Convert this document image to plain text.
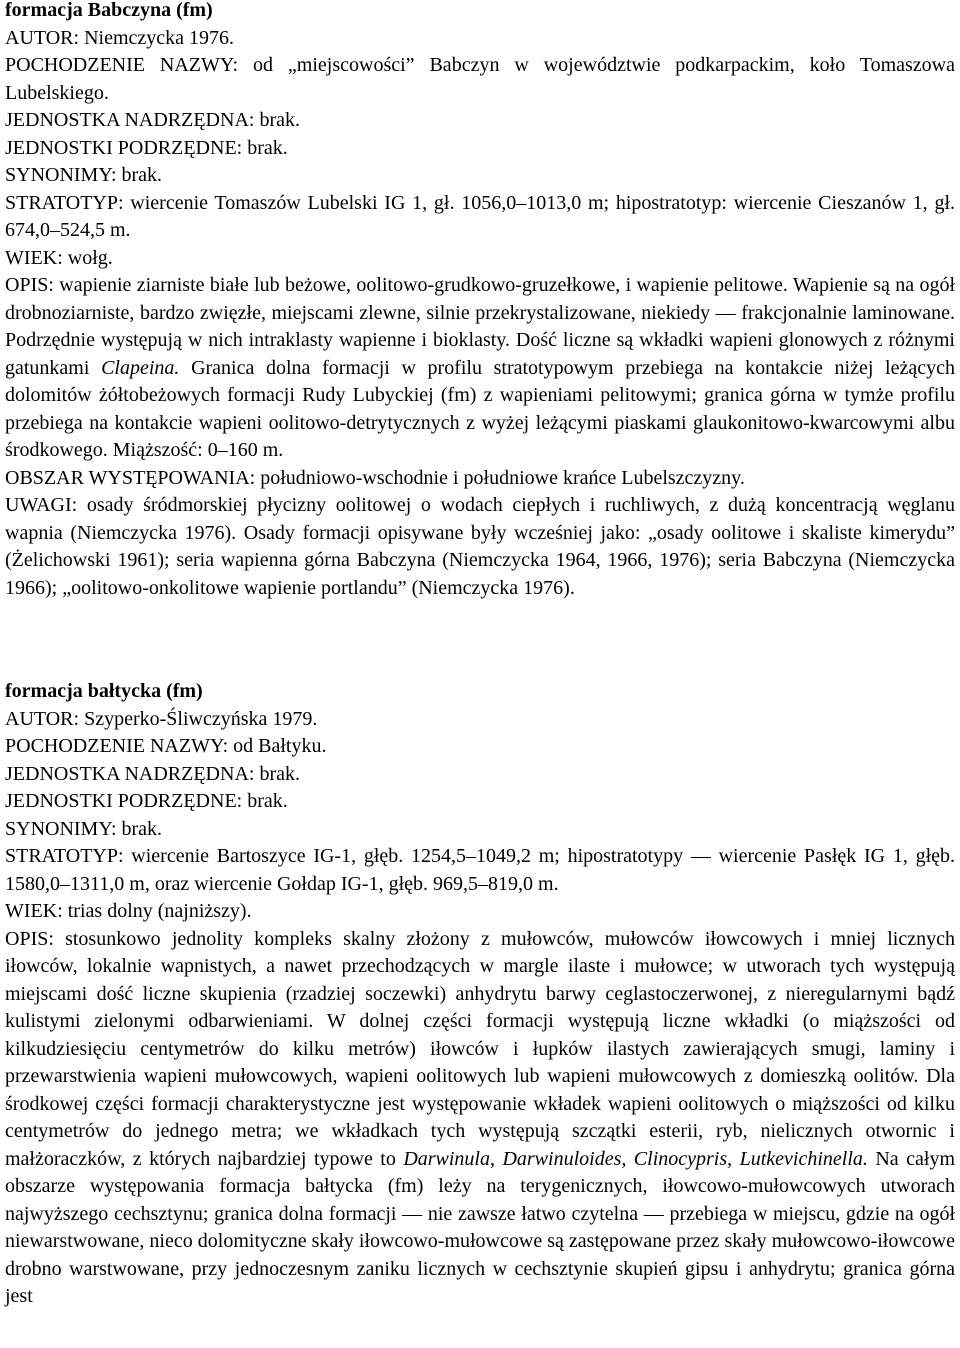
formacja Babczyna (fm)

AUTOR: Niemczycka 1976.

POCHODZENIE NAZWY: od „miejscowości” Babczyn w województwie podkarpackim, koło Tomaszowa Lubelskiego.

JEDNOSTKA NADRZĘDNA: brak.

JEDNOSTKI PODRZĘDNE: brak.

SYNONIMY: brak.

STRATOTYP: wiercenie Tomaszów Lubelski IG 1, gł. 1056,0–1013,0 m; hipostratotyp: wiercenie Cieszanów 1, gł. 674,0–524,5 m.

WIEK: wołg.

OPIS: wapienie ziarniste białe lub beżowe, oolitowo-grudkowo-gruzełkowe, i wapienie pelitowe. Wapienie są na ogół drobnoziarniste, bardzo zwięzłe, miejscami zlewne, silnie przekrystalizowane, niekiedy — frakcjonalnie laminowane. Podrzędnie występują w nich intraklasty wapienne i bioklasty. Dość liczne są wkładki wapieni glonowych z różnymi gatunkami Clapeina. Granica dolna formacji w profilu stratotypowym przebiega na kontakcie niżej leżących dolomitów żółtobeżowych formacji Rudy Lubyckiej (fm) z wapieniami pelitowymi; granica górna w tymże profilu przebiega na kontakcie wapieni oolitowo-detrytycznych z wyżej leżącymi piaskami glaukonitowo-kwarcowymi albu środkowego. Miąższość: 0–160 m.

OBSZAR WYSTĘPOWANIA: południowo-wschodnie i południowe krańce Lubelszczyzny.

UWAGI: osady śródmorskiej płycizny oolitowej o wodach ciepłych i ruchliwych, z dużą koncentracją węglanu wapnia (Niemczycka 1976). Osady formacji opisywane były wcześniej jako: „osady oolitowe i skaliste kimerydu” (Żelichowski 1961); seria wapienna górna Babczyna (Niemczycka 1964, 1966, 1976); seria Babczyna (Niemczycka 1966); „oolitowo-onkolitowe wapienie portlandu” (Niemczycka 1976).

formacja bałtycka (fm)

AUTOR: Szyperko-Śliwczyńska 1979.

POCHODZENIE NAZWY: od Bałtyku.

JEDNOSTKA NADRZĘDNA: brak.

JEDNOSTKI PODRZĘDNE: brak.

SYNONIMY: brak.

STRATOTYP: wiercenie Bartoszyce IG-1, głęb. 1254,5–1049,2 m; hipostratotypy — wiercenie Pasłęk IG 1, głęb. 1580,0–1311,0 m, oraz wiercenie Gołdap IG-1, głęb. 969,5–819,0 m.

WIEK: trias dolny (najniższy).

OPIS: stosunkowo jednolity kompleks skalny złożony z mułowców, mułowców iłowcowych i mniej licznych iłowców, lokalnie wapnistych, a nawet przechodzących w margle ilaste i mułowce; w utworach tych występują miejscami dość liczne skupienia (rzadziej soczewki) anhydrytu barwy ceglastoczerwonej, z nieregularnymi bądź kulistymi zielonymi odbarwieniami. W dolnej części formacji występują liczne wkładki (o miąższości od kilkudziesięciu centymetrów do kilku metrów) iłowców i łupków ilastych zawierających smugi, laminy i przewarstwienia wapieni mułowcowych, wapieni oolitowych lub wapieni mułowcowych z domieszką oolitów. Dla środkowej części formacji charakterystyczne jest występowanie wkładek wapieni oolitowych o miąższości od kilku centymetrów do jednego metra; we wkładkach tych występują szczątki esterii, ryb, nielicznych otwornic i małżoraczków, z których najbardziej typowe to Darwinula, Darwinuloides, Clinocypris, Lutkevichinella. Na całym obszarze występowania formacja bałtycka (fm) leży na terygenicznych, iłowcowo-mułowcowych utworach najwyższego cechsztynu; granica dolna formacji — nie zawsze łatwo czytelna — przebiega w miejscu, gdzie na ogół niewarstwowane, nieco dolomityczne skały iłowcowo-mułowcowe są zastępowane przez skały mułowcowo-iłowcowe drobno warstwowane, przy jednoczesnym zaniku licznych w cechsztynie skupień gipsu i anhydrytu; granica górna jest
